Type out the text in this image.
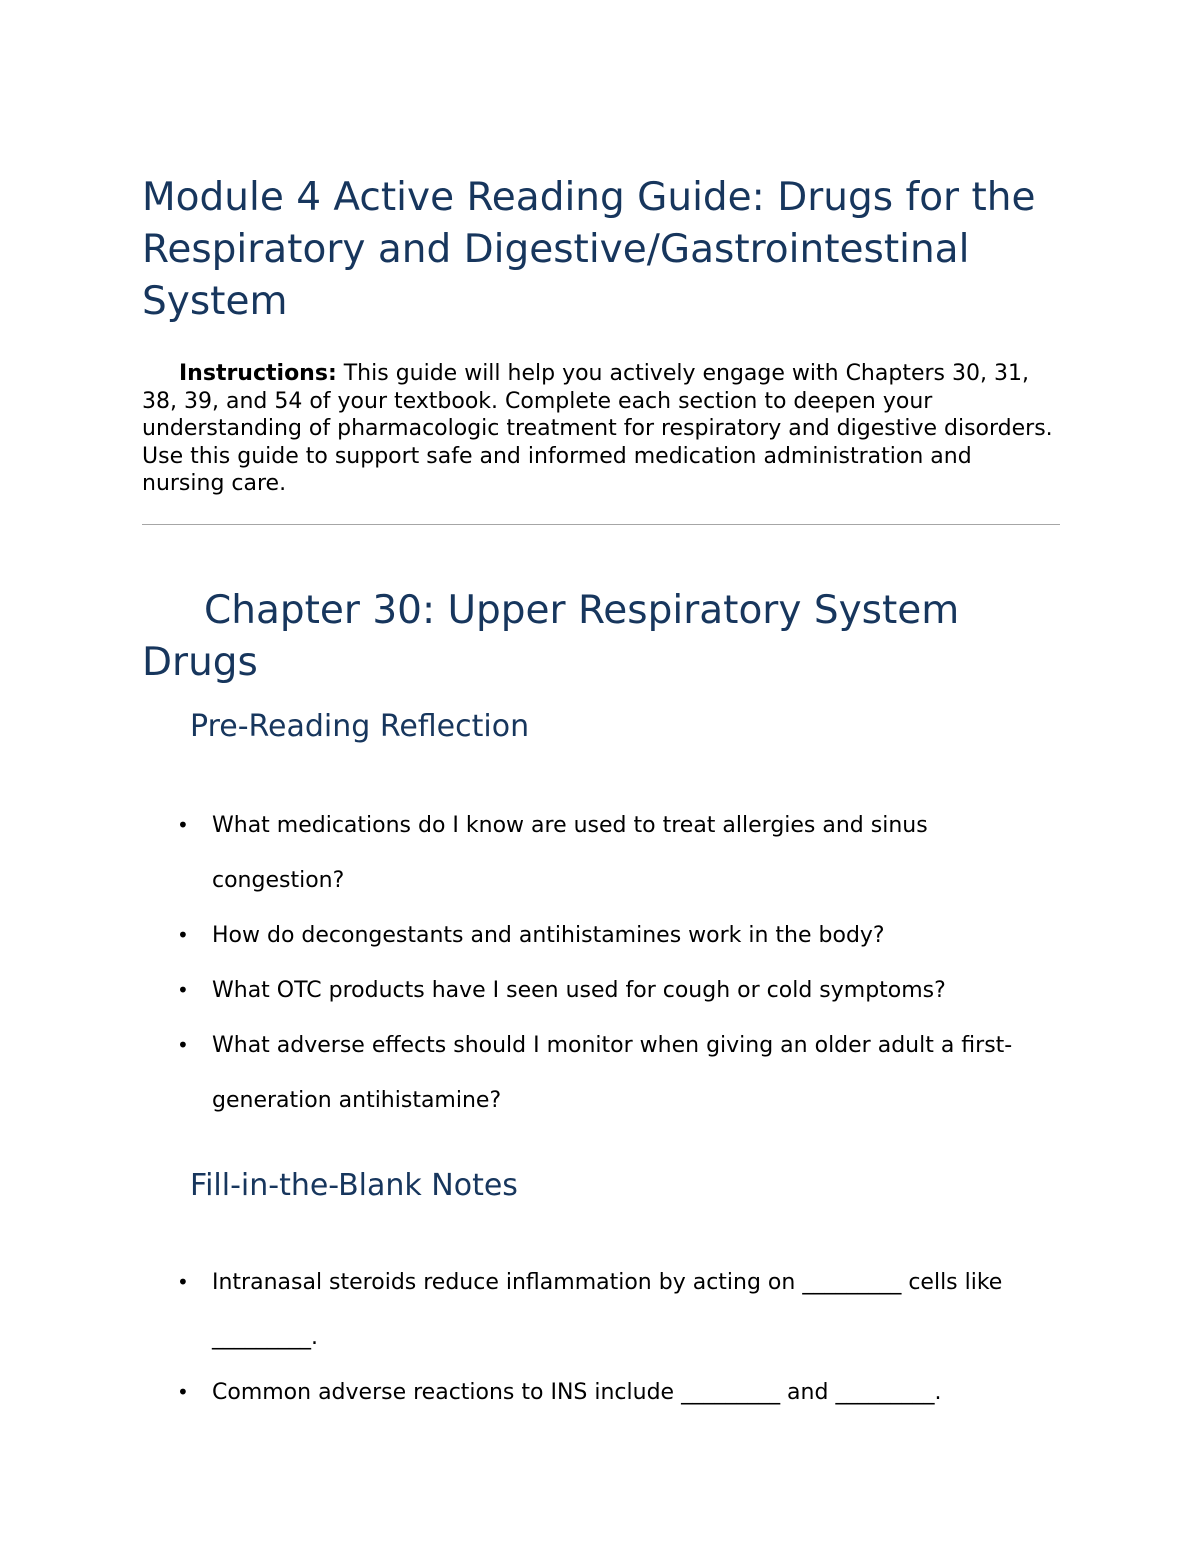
Module 4 Active Reading Guide: Drugs for the Respiratory and Digestive/Gastrointestinal System

Instructions: This guide will help you actively engage with Chapters 30, 31, 38, 39, and 54 of your textbook. Complete each section to deepen your understanding of pharmacologic treatment for respiratory and digestive disorders. Use this guide to support safe and informed medication administration and nursing care.

Chapter 30: Upper Respiratory System Drugs
Pre-Reading Reflection
• What medications do I know are used to treat allergies and sinus congestion?
• How do decongestants and antihistamines work in the body?
• What OTC products have I seen used for cough or cold symptoms?
• What adverse effects should I monitor when giving an older adult a first-generation antihistamine?
Fill-in-the-Blank Notes
• Intranasal steroids reduce inflammation by acting on _________ cells like _________.
• Common adverse reactions to INS include _________ and _________.
